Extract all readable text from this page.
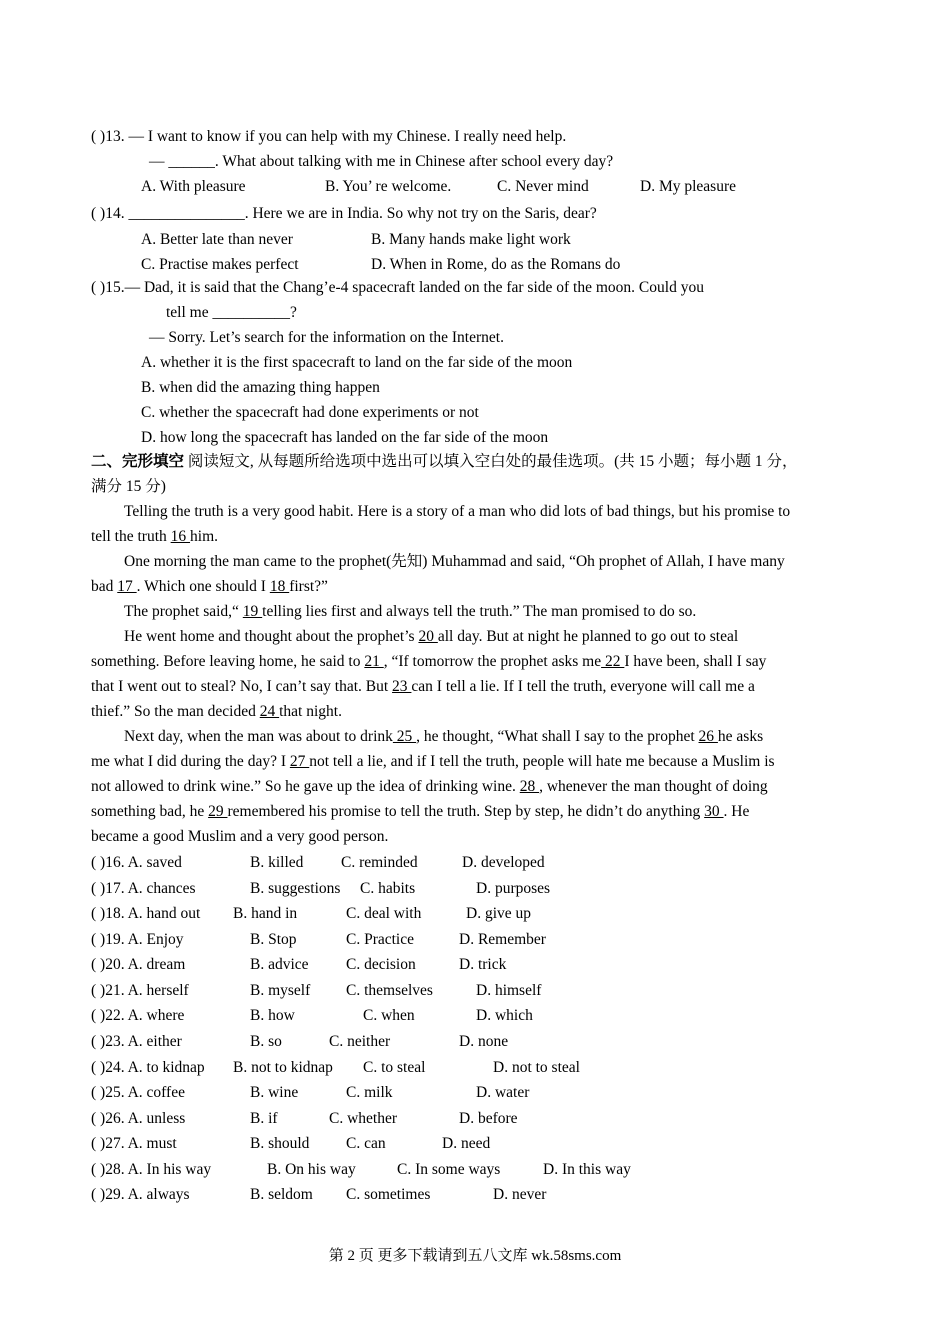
( )13. — I want to know if you can help with my Chinese. I really need help.
— ______. What about talking with me in Chinese after school every day?
A. With pleasure	B. You’ re welcome.	C. Never mind	D. My pleasure
( )14. _______________. Here we are in India. So why not try on the Saris, dear?
A. Better late than never	B. Many hands make light work
C. Practise makes perfect	D. When in Rome, do as the Romans do
( )15.— Dad, it is said that the Chang’e-4 spacecraft landed on the far side of the moon. Could you
tell me __________?
— Sorry. Let’s search for the information on the Internet.
A. whether it is the first spacecraft to land on the far side of the moon
B. when did the amazing thing happen
C. whether the spacecraft had done experiments or not
D. how long the spacecraft has landed on the far side of the moon
二、完形填空 阅读短文, 从每题所给选项中选出可以填入空白处的最佳选项。(共 15 小题；每小题 1 分，
满分 15 分)
Telling the truth is a very good habit. Here is a story of a man who did lots of bad things, but his promise to
tell the truth 16 him.
One morning the man came to the prophet(先知) Muhammad and said, “Oh prophet of Allah, I have many
bad 17 . Which one should I 18 first?”
The prophet said,“ 19 telling lies first and always tell the truth.” The man promised to do so.
He went home and thought about the prophet’s 20 all day. But at night he planned to go out to steal
something. Before leaving home, he said to 21 , “If tomorrow the prophet asks me 22 I have been, shall I say
that I went out to steal? No, I can’t say that. But 23 can I tell a lie. If I tell the truth, everyone will call me a
thief.” So the man decided 24 that night.
Next day, when the man was about to drink 25 , he thought, “What shall I say to the prophet 26 he asks
me what I did during the day? I 27 not tell a lie, and if I tell the truth, people will hate me because a Muslim is
not allowed to drink wine.” So he gave up the idea of drinking wine. 28 , whenever the man thought of doing
something bad, he 29 remembered his promise to tell the truth. Step by step, he didn’t do anything 30 . He
became a good Muslim and a very good person.
( )16. A. saved	B. killed C. reminded	D. developed
( )17. A. chances	B. suggestions C. habits	D. purposes
( )18. A. hand out B. hand in	C. deal with	D. give up
( )19. A. Enjoy	B. Stop	C. Practice	D. Remember
( )20. A. dream	B. advice C. decision	D. trick
( )21. A. herself	B. myself C. themselves	D. himself
( )22. A. where	B. how	C. when	D. which
( )23. A. either	B. so	C. neither	D. none
( )24. A. to kidnap B. not to kidnap C. to steal	D. not to steal
( )25. A. coffee	B. wine	C. milk	D. water
( )26. A. unless	B. if	C. whether	D. before
( )27. A. must	B. should C. can	D. need
( )28. A. In his way	B. On his way	C. In some ways	D. In this way
( )29. A. always	B. seldom C. sometimes	D. never
第 2 页 更多下载请到五八文库 wk.58sms.com
